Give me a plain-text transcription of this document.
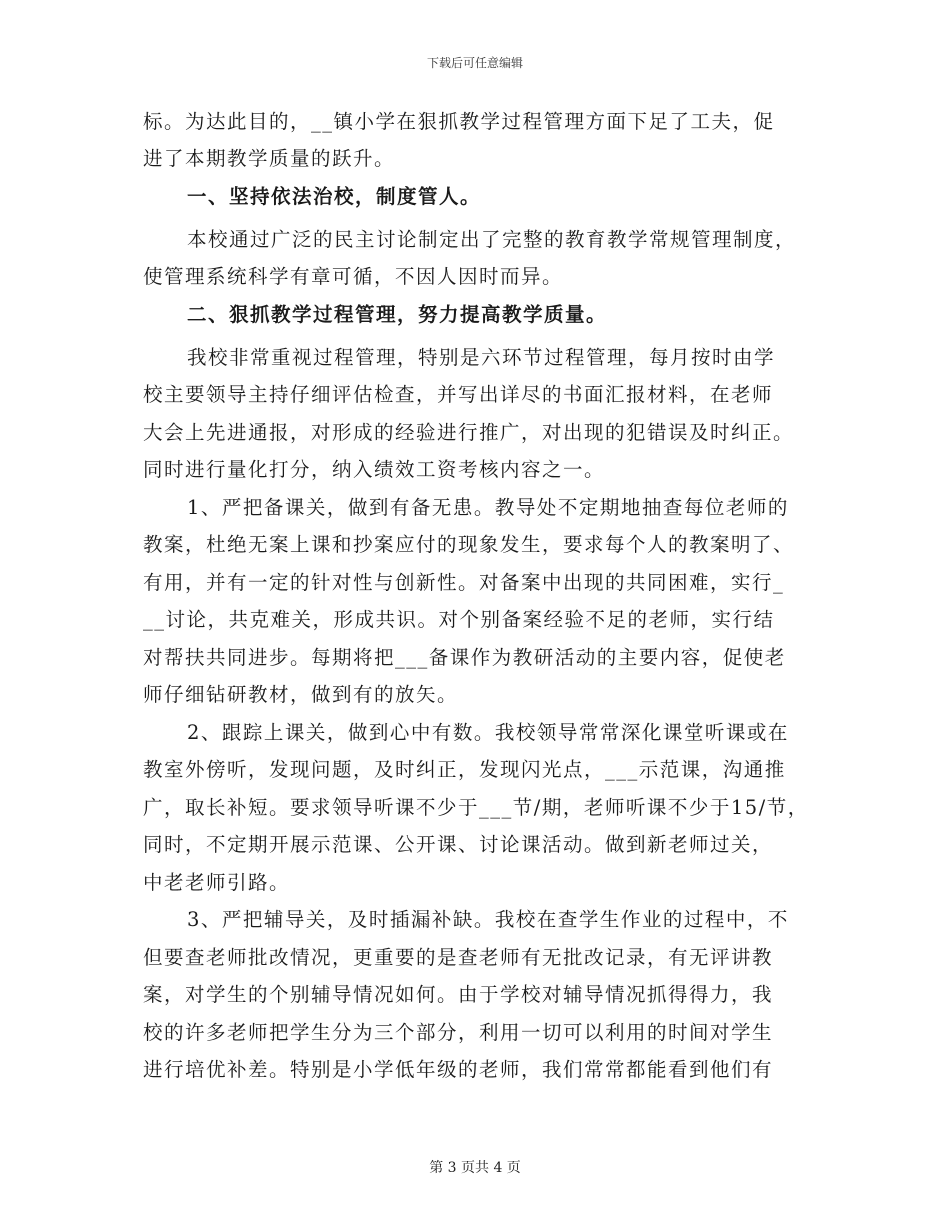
下载后可任意编辑
标。为达此目的，__镇小学在狠抓教学过程管理方面下足了工夫，促
进了本期教学质量的跃升。
一、坚持依法治校，制度管人。
本校通过广泛的民主讨论制定出了完整的教育教学常规管理制度，
使管理系统科学有章可循，不因人因时而异。
二、狠抓教学过程管理，努力提高教学质量。
我校非常重视过程管理，特别是六环节过程管理，每月按时由学
校主要领导主持仔细评估检查，并写出详尽的书面汇报材料，在老师
大会上先进通报，对形成的经验进行推广，对出现的犯错误及时纠正。
同时进行量化打分，纳入绩效工资考核内容之一。
1、严把备课关，做到有备无患。教导处不定期地抽查每位老师的
教案，杜绝无案上课和抄案应付的现象发生，要求每个人的教案明了、
有用，并有一定的针对性与创新性。对备案中出现的共同困难，实行_
__讨论，共克难关，形成共识。对个别备案经验不足的老师，实行结
对帮扶共同进步。每期将把___备课作为教研活动的主要内容，促使老
师仔细钻研教材，做到有的放矢。
2、跟踪上课关，做到心中有数。我校领导常常深化课堂听课或在
教室外傍听，发现问题，及时纠正，发现闪光点，___示范课，沟通推
广，取长补短。要求领导听课不少于___节/期，老师听课不少于15/节，
同时，不定期开展示范课、公开课、讨论课活动。做到新老师过关，
中老老师引路。
3、严把辅导关，及时插漏补缺。我校在查学生作业的过程中，不
但要查老师批改情况，更重要的是查老师有无批改记录，有无评讲教
案，对学生的个别辅导情况如何。由于学校对辅导情况抓得得力，我
校的许多老师把学生分为三个部分，利用一切可以利用的时间对学生
进行培优补差。特别是小学低年级的老师，我们常常都能看到他们有
第 3 页共 4 页
